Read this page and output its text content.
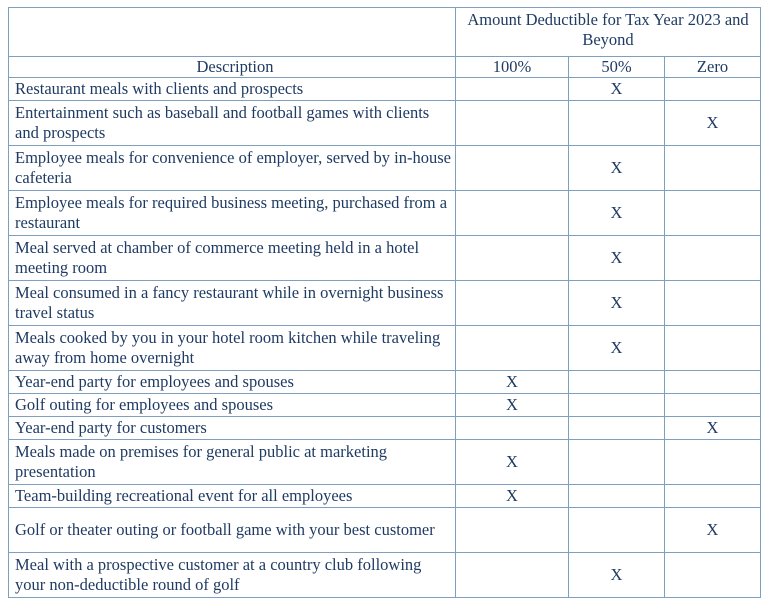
	Amount Deductible for Tax Year 2023 and Beyond		
Description	100%	50%	Zero
Restaurant meals with clients and prospects		X	
Entertainment such as baseball and football games with clients and prospects			X
Employee meals for convenience of employer, served by in-house cafeteria		X	
Employee meals for required business meeting, purchased from a restaurant		X	
Meal served at chamber of commerce meeting held in a hotel meeting room		X	
Meal consumed in a fancy restaurant while in overnight business travel status		X	
Meals cooked by you in your hotel room kitchen while traveling away from home overnight		X	
Year-end party for employees and spouses	X		
Golf outing for employees and spouses	X		
Year-end party for customers			X
Meals made on premises for general public at marketing presentation	X		
Team-building recreational event for all employees	X		
Golf or theater outing or football game with your best customer			X
Meal with a prospective customer at a country club following your non-deductible round of golf		X	
